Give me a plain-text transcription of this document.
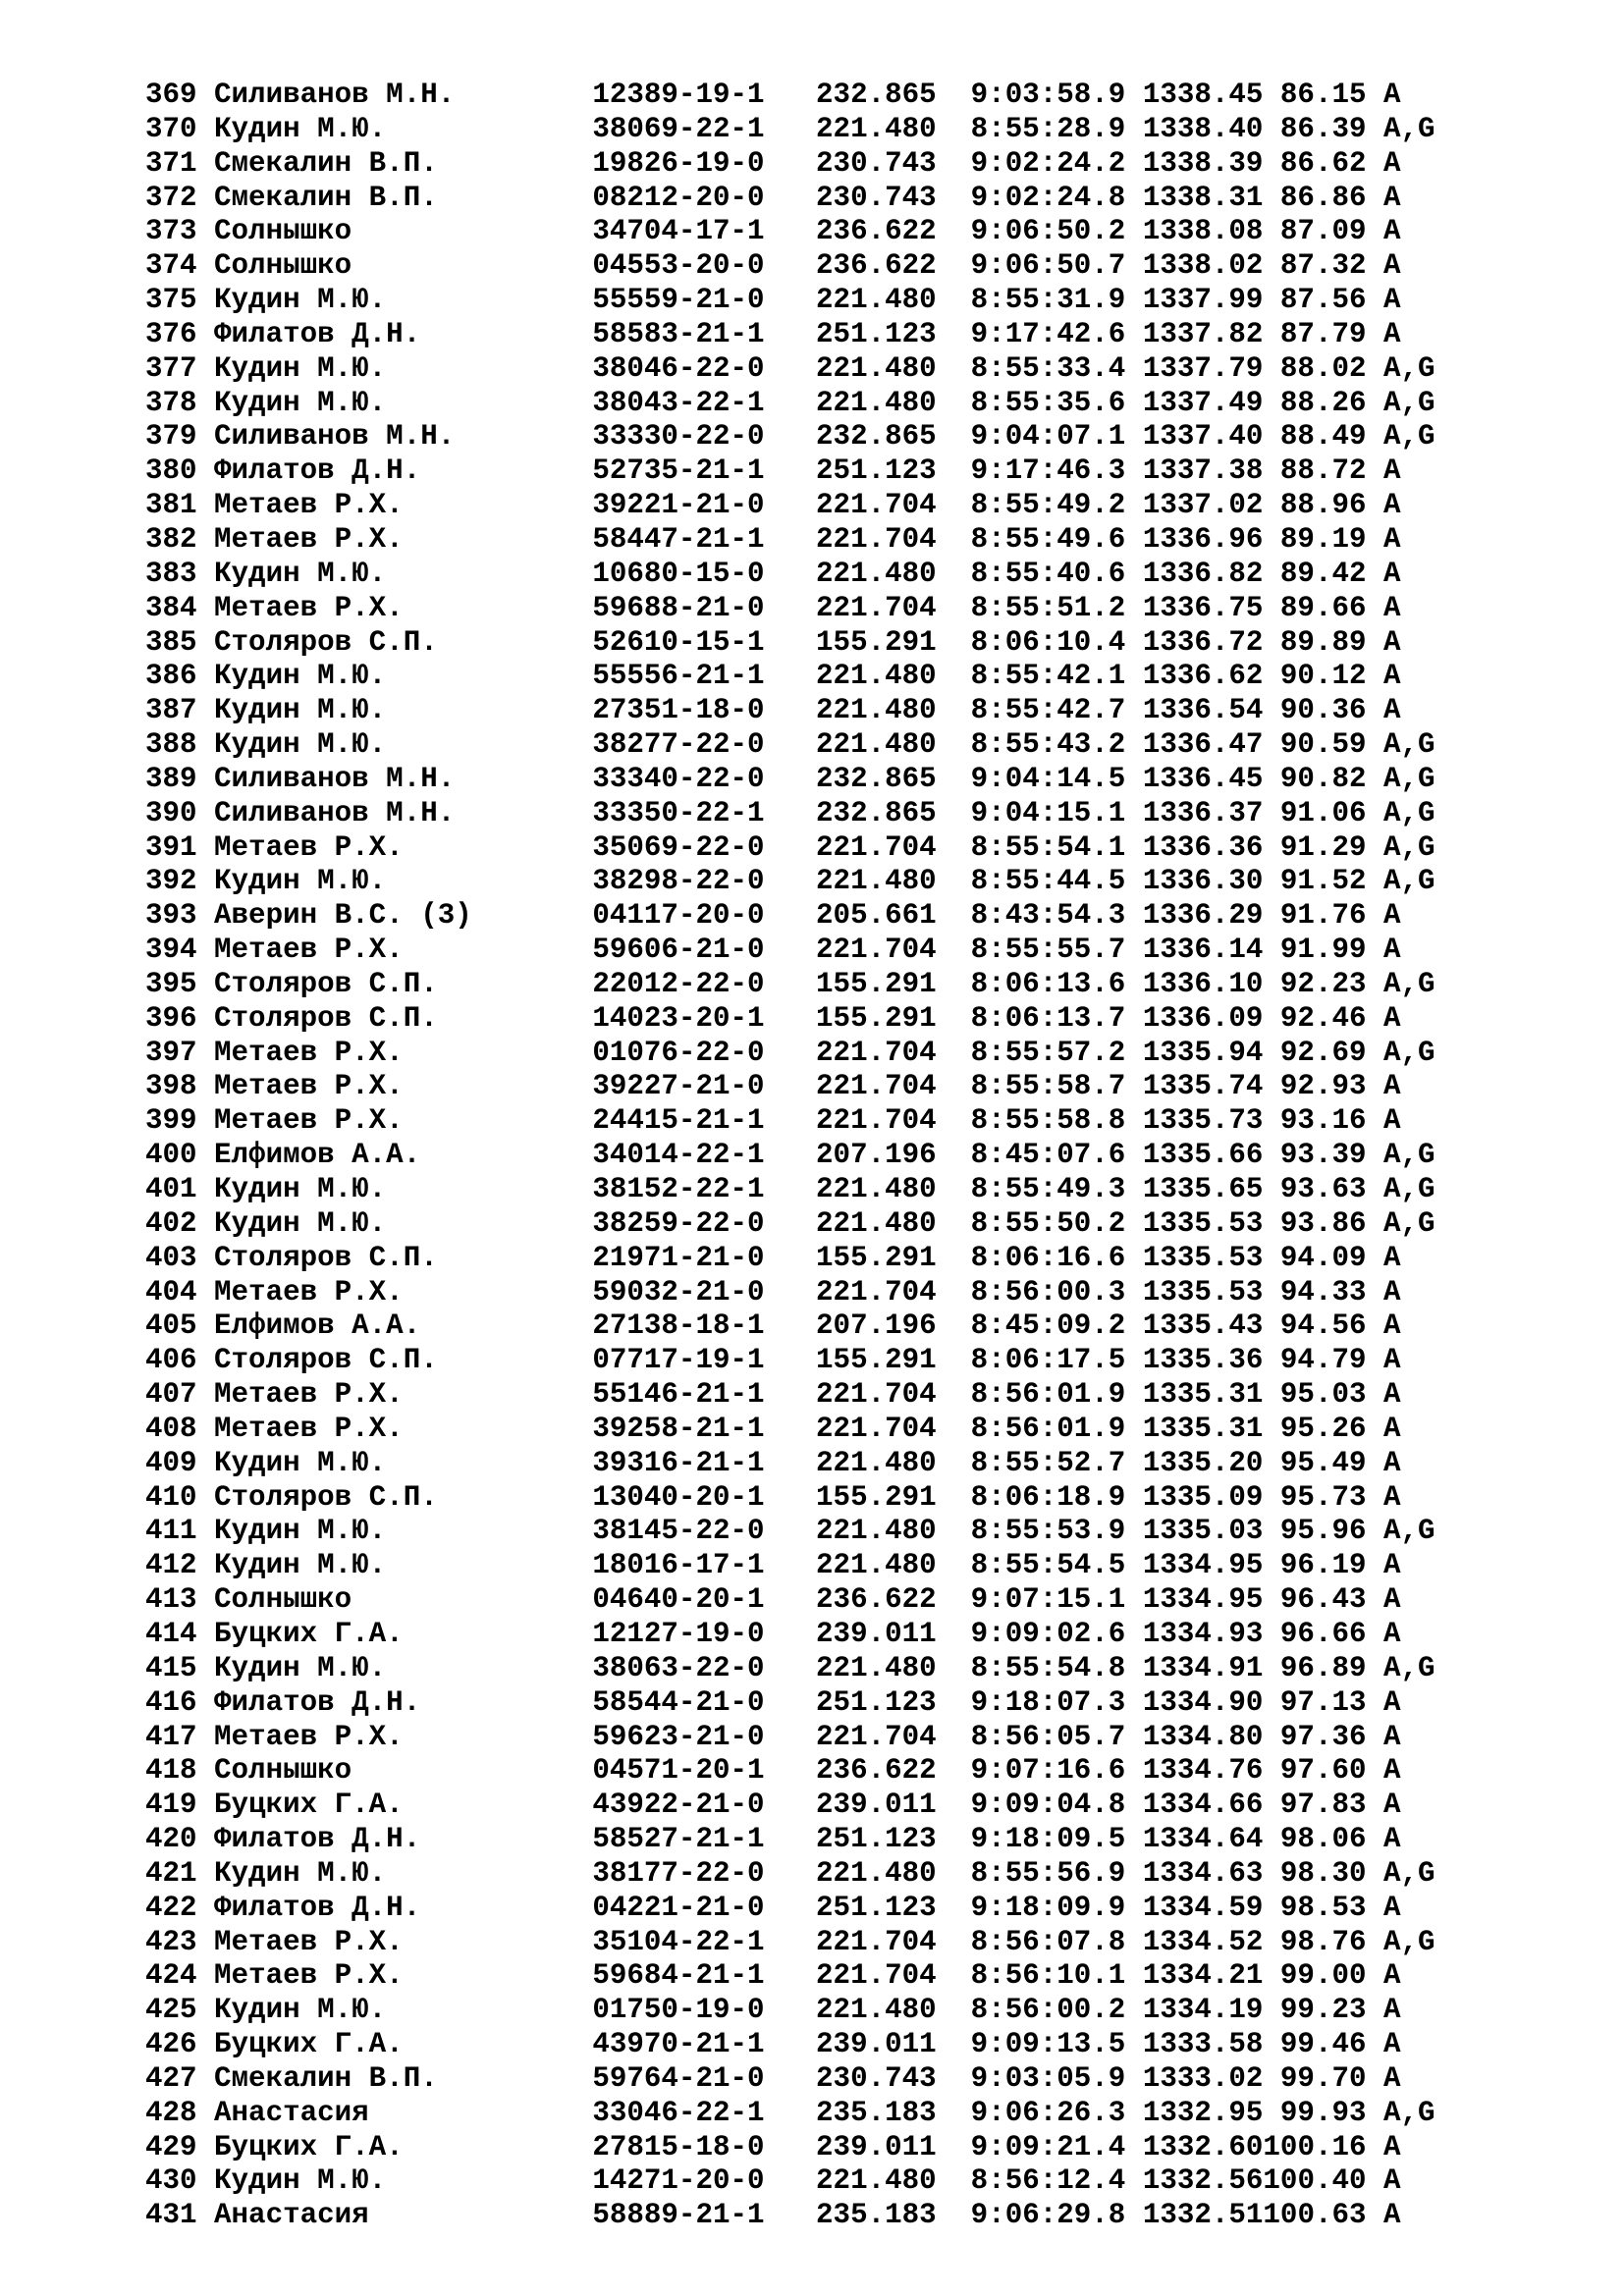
369 Силиванов М.Н.	12389-19-1 232.865 9:03:58.9 1338.45 86.15 A
370 Кудин М.Ю.	38069-22-1 221.480 8:55:28.9 1338.40 86.39 A,G
371 Смекалин В.П.	19826-19-0 230.743 9:02:24.2 1338.39 86.62 A
372 Смекалин В.П.	08212-20-0 230.743 9:02:24.8 1338.31 86.86 A
373 Солнышко	34704-17-1 236.622 9:06:50.2 1338.08 87.09 A
374 Солнышко	04553-20-0 236.622 9:06:50.7 1338.02 87.32 A
375 Кудин М.Ю.	55559-21-0 221.480 8:55:31.9 1337.99 87.56 A
376 Филатов Д.Н.	58583-21-1 251.123 9:17:42.6 1337.82 87.79 A
377 Кудин М.Ю.	38046-22-0 221.480 8:55:33.4 1337.79 88.02 A,G
378 Кудин М.Ю.	38043-22-1 221.480 8:55:35.6 1337.49 88.26 A,G
379 Силиванов М.Н.	33330-22-0 232.865 9:04:07.1 1337.40 88.49 A,G
380 Филатов Д.Н.	52735-21-1 251.123 9:17:46.3 1337.38 88.72 A
381 Метаев Р.Х.	39221-21-0 221.704 8:55:49.2 1337.02 88.96 A
382 Метаев Р.Х.	58447-21-1 221.704 8:55:49.6 1336.96 89.19 A
383 Кудин М.Ю.	10680-15-0 221.480 8:55:40.6 1336.82 89.42 A
384 Метаев Р.Х.	59688-21-0 221.704 8:55:51.2 1336.75 89.66 A
385 Столяров С.П.	52610-15-1 155.291 8:06:10.4 1336.72 89.89 A
386 Кудин М.Ю.	55556-21-1 221.480 8:55:42.1 1336.62 90.12 A
387 Кудин М.Ю.	27351-18-0 221.480 8:55:42.7 1336.54 90.36 A
388 Кудин М.Ю.	38277-22-0 221.480 8:55:43.2 1336.47 90.59 A,G
389 Силиванов М.Н.	33340-22-0 232.865 9:04:14.5 1336.45 90.82 A,G
390 Силиванов М.Н.	33350-22-1 232.865 9:04:15.1 1336.37 91.06 A,G
391 Метаев Р.Х.	35069-22-0 221.704 8:55:54.1 1336.36 91.29 A,G
392 Кудин М.Ю.	38298-22-0 221.480 8:55:44.5 1336.30 91.52 A,G
393 Аверин В.С. (3)	04117-20-0 205.661 8:43:54.3 1336.29 91.76 A
394 Метаев Р.Х.	59606-21-0 221.704 8:55:55.7 1336.14 91.99 A
395 Столяров С.П.	22012-22-0 155.291 8:06:13.6 1336.10 92.23 A,G
396 Столяров С.П.	14023-20-1 155.291 8:06:13.7 1336.09 92.46 A
397 Метаев Р.Х.	01076-22-0 221.704 8:55:57.2 1335.94 92.69 A,G
398 Метаев Р.Х.	39227-21-0 221.704 8:55:58.7 1335.74 92.93 A
399 Метаев Р.Х.	24415-21-1 221.704 8:55:58.8 1335.73 93.16 A
400 Елфимов А.А.	34014-22-1 207.196 8:45:07.6 1335.66 93.39 A,G
401 Кудин М.Ю.	38152-22-1 221.480 8:55:49.3 1335.65 93.63 A,G
402 Кудин М.Ю.	38259-22-0 221.480 8:55:50.2 1335.53 93.86 A,G
403 Столяров С.П.	21971-21-0 155.291 8:06:16.6 1335.53 94.09 A
404 Метаев Р.Х.	59032-21-0 221.704 8:56:00.3 1335.53 94.33 A
405 Елфимов А.А.	27138-18-1 207.196 8:45:09.2 1335.43 94.56 A
406 Столяров С.П.	07717-19-1 155.291 8:06:17.5 1335.36 94.79 A
407 Метаев Р.Х.	55146-21-1 221.704 8:56:01.9 1335.31 95.03 A
408 Метаев Р.Х.	39258-21-1 221.704 8:56:01.9 1335.31 95.26 A
409 Кудин М.Ю.	39316-21-1 221.480 8:55:52.7 1335.20 95.49 A
410 Столяров С.П.	13040-20-1 155.291 8:06:18.9 1335.09 95.73 A
411 Кудин М.Ю.	38145-22-0 221.480 8:55:53.9 1335.03 95.96 A,G
412 Кудин М.Ю.	18016-17-1 221.480 8:55:54.5 1334.95 96.19 A
413 Солнышко	04640-20-1 236.622 9:07:15.1 1334.95 96.43 A
414 Буцких Г.А.	12127-19-0 239.011 9:09:02.6 1334.93 96.66 A
415 Кудин М.Ю.	38063-22-0 221.480 8:55:54.8 1334.91 96.89 A,G
416 Филатов Д.Н.	58544-21-0 251.123 9:18:07.3 1334.90 97.13 A
417 Метаев Р.Х.	59623-21-0 221.704 8:56:05.7 1334.80 97.36 A
418 Солнышко	04571-20-1 236.622 9:07:16.6 1334.76 97.60 A
419 Буцких Г.А.	43922-21-0 239.011 9:09:04.8 1334.66 97.83 A
420 Филатов Д.Н.	58527-21-1 251.123 9:18:09.5 1334.64 98.06 A
421 Кудин М.Ю.	38177-22-0 221.480 8:55:56.9 1334.63 98.30 A,G
422 Филатов Д.Н.	04221-21-0 251.123 9:18:09.9 1334.59 98.53 A
423 Метаев Р.Х.	35104-22-1 221.704 8:56:07.8 1334.52 98.76 A,G
424 Метаев Р.Х.	59684-21-1 221.704 8:56:10.1 1334.21 99.00 A
425 Кудин М.Ю.	01750-19-0 221.480 8:56:00.2 1334.19 99.23 A
426 Буцких Г.А.	43970-21-1 239.011 9:09:13.5 1333.58 99.46 A
427 Смекалин В.П.	59764-21-0 230.743 9:03:05.9 1333.02 99.70 A
428 Анастасия	33046-22-1 235.183 9:06:26.3 1332.95 99.93 A,G
429 Буцких Г.А.	27815-18-0 239.011 9:09:21.4 1332.60100.16 A
430 Кудин М.Ю.	14271-20-0 221.480 8:56:12.4 1332.56100.40 A
431 Анастасия	58889-21-1 235.183 9:06:29.8 1332.51100.63 A
